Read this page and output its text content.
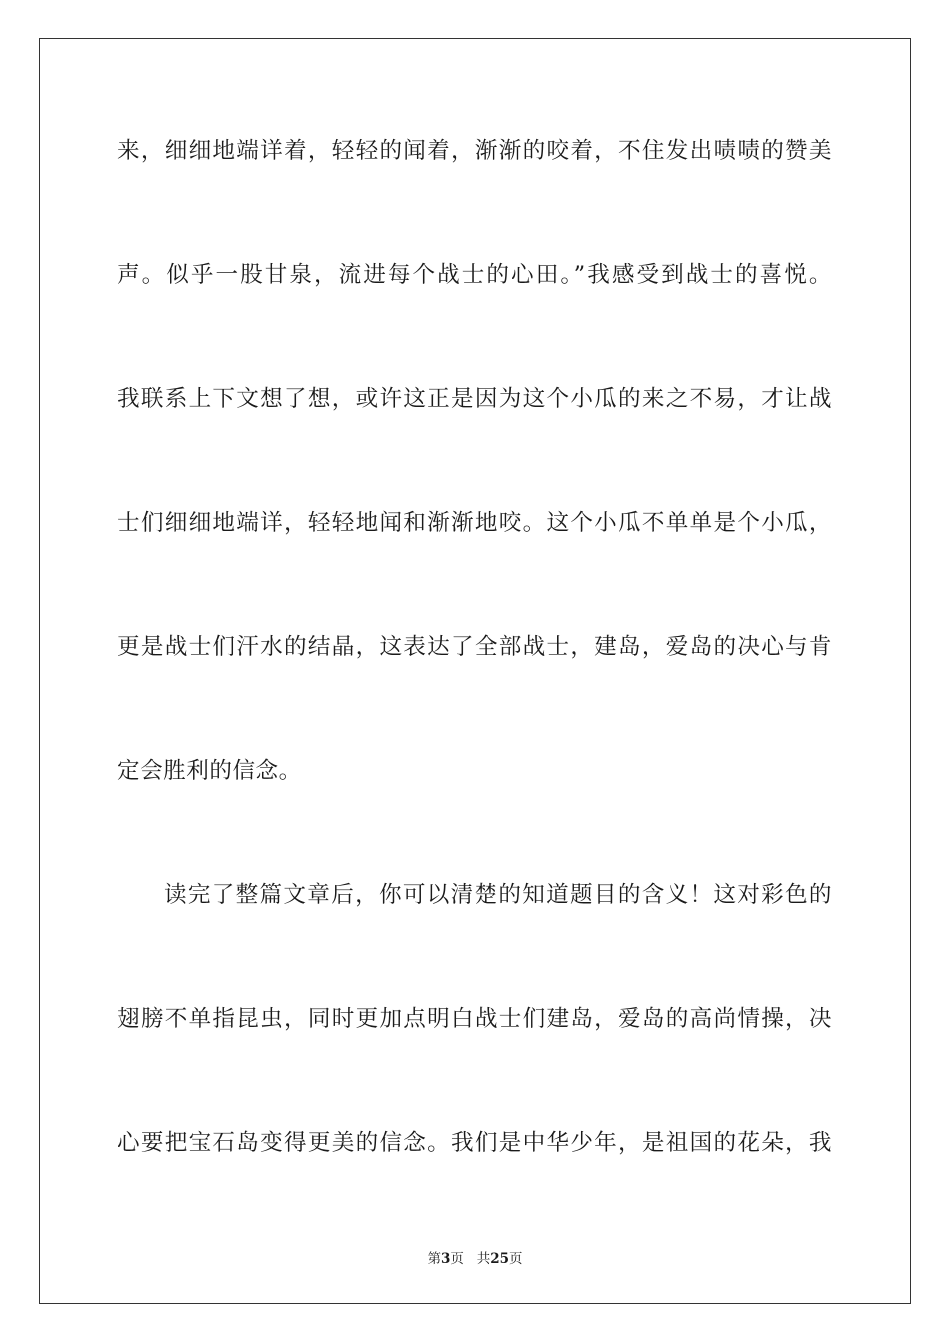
来，细细地端详着，轻轻的闻着，渐渐的咬着，不住发出啧啧的赞美
声。似乎一股甘泉，流进每个战士的心田。”我感受到战士的喜悦。
我联系上下文想了想，或许这正是因为这个小瓜的来之不易，才让战
士们细细地端详，轻轻地闻和渐渐地咬。这个小瓜不单单是个小瓜，
更是战士们汗水的结晶，这表达了全部战士，建岛，爱岛的决心与肯
定会胜利的信念。
读完了整篇文章后，你可以清楚的知道题目的含义！这对彩色的
翅膀不单指昆虫，同时更加点明白战士们建岛，爱岛的高尚情操，决
心要把宝石岛变得更美的信念。我们是中华少年，是祖国的花朵，我
第3页 共25页
